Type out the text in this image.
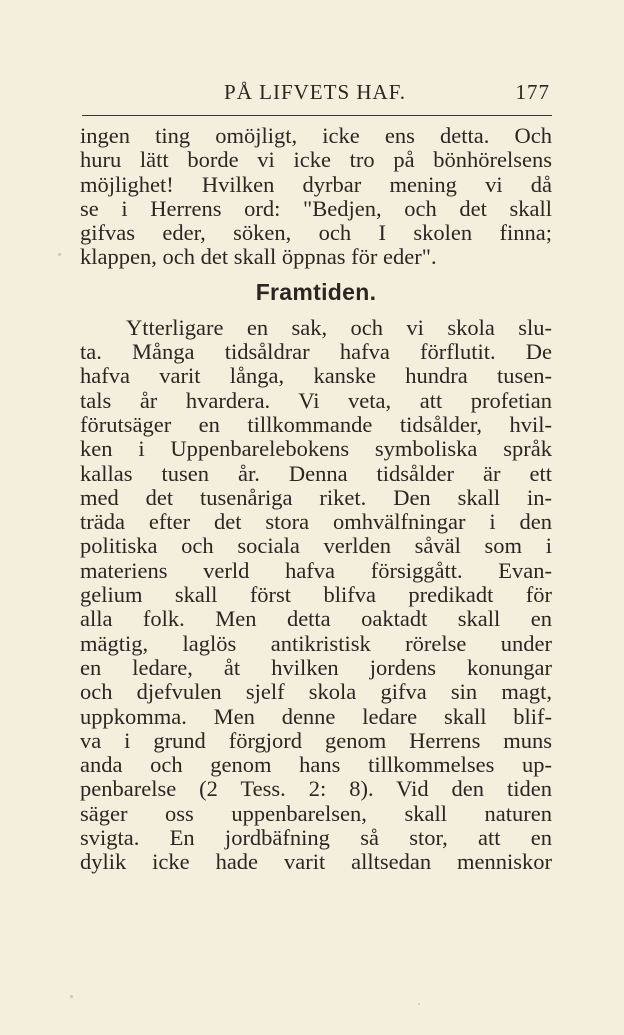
PÅ LIFVETS HAF.	177
ingen ting omöjligt, icke ens detta. Och
huru lätt borde vi icke tro på bönhörelsens
möjlighet! Hvilken dyrbar mening vi då
se i Herrens ord: "Bedjen, och det skall
gifvas eder, söken, och I skolen finna;
klappen, och det skall öppnas för eder".
Framtiden.
Ytterligare en sak, och vi skola slu-
ta. Många tidsåldrar hafva förflutit. De
hafva varit långa, kanske hundra tusen-
tals år hvardera. Vi veta, att profetian
förutsäger en tillkommande tidsålder, hvil-
ken i Uppenbarelebokens symboliska språk
kallas tusen år. Denna tidsålder är ett
med det tusenåriga riket. Den skall in-
träda efter det stora omhvälfningar i den
politiska och sociala verlden såväl som i
materiens verld hafva försiggått. Evan-
gelium skall först blifva predikadt för
alla folk. Men detta oaktadt skall en
mägtig, laglös antikristisk rörelse under
en ledare, åt hvilken jordens konungar
och djefvulen sjelf skola gifva sin magt,
uppkomma. Men denne ledare skall blif-
va i grund förgjord genom Herrens muns
anda och genom hans tillkommelses up-
penbarelse (2 Tess. 2: 8). Vid den tiden
säger oss uppenbarelsen, skall naturen
svigta. En jordbäfning så stor, att en
dylik icke hade varit alltsedan menniskor
